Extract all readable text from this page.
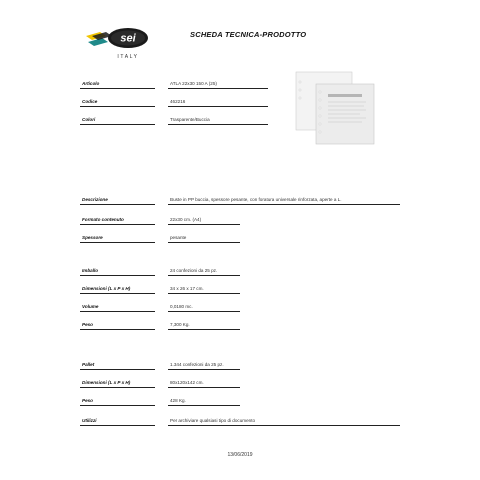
sei
ITALY
SCHEDA TECNICA-PRODOTTO
Articolo	ATLA 22x30 150 A (25)
Codice	462216
Colori	Trasparente/Buccia
Descrizione	Buste in PP buccia, spessore pesante, con foratura universale rinforzata, aperte a L.
Formato contenuto	22x30 cm. (A4)
Spessore	pesante
Imballo	24 confezioni da 25 pz.
Dimensioni (L x P x H)	34 x 26 x 17 cm.
Volume	0,0180 mc.
Peso	7,300 Kg.
Pallet	1.344 confezioni da 25 pz.
Dimensioni (L x P x H)	80x120x142 cm.
Peso	428 Kg.
Utilizzi	Per archiviare qualsiasi tipo di documento
13/06/2019
